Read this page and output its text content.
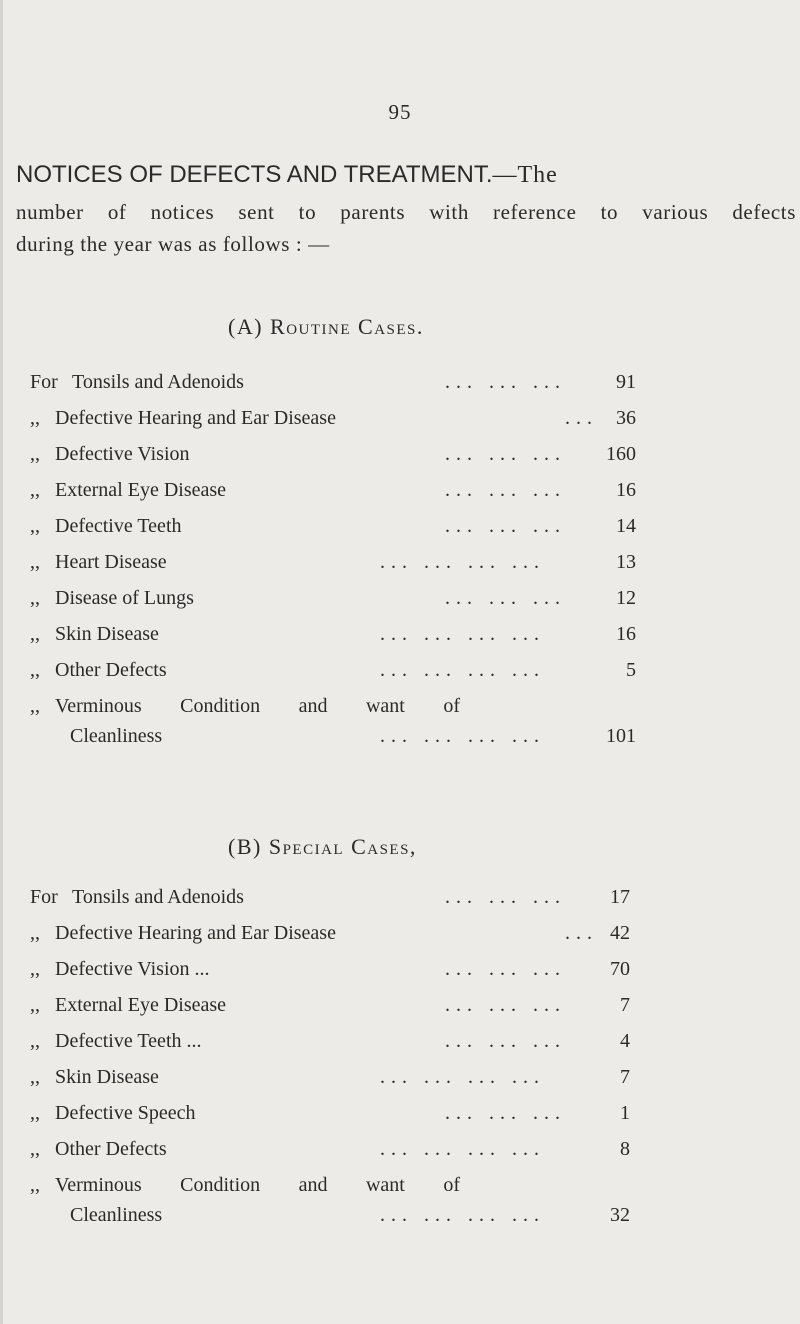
95
NOTICES OF DEFECTS AND TREATMENT.—The
number of notices sent to parents with reference to various defects
during the year was as follows : —
(A) Routine Cases.
For Tonsils and Adenoids	... ... ...	91
,, Defective Hearing and Ear Disease	... 36
,, Defective Vision	... ... ...	160
,, External Eye Disease	... ... ...	16
,, Defective Teeth	... ... ...	14
,, Heart Disease	... ... ... ...	13
,, Disease of Lungs	... ... ...	12
,, Skin Disease	... ... ... ...	16
,, Other Defects	... ... ... ...	5
,, Verminous Condition and want of
Cleanliness	... ... ... ...	101
(B) Special Cases,
For Tonsils and Adenoids	... ... ...	17
,, Defective Hearing and Ear Disease	... 42
,, Defective Vision ...	... ... ...	70
,, External Eye Disease	... ... ...	7
,, Defective Teeth ...	... ... ...	4
,, Skin Disease	... ... ... ...	7
,, Defective Speech	... ... ...	1
,, Other Defects	... ... ... ...	8
,, Verminous Condition and want of
Cleanliness	... ... ... ...	32
